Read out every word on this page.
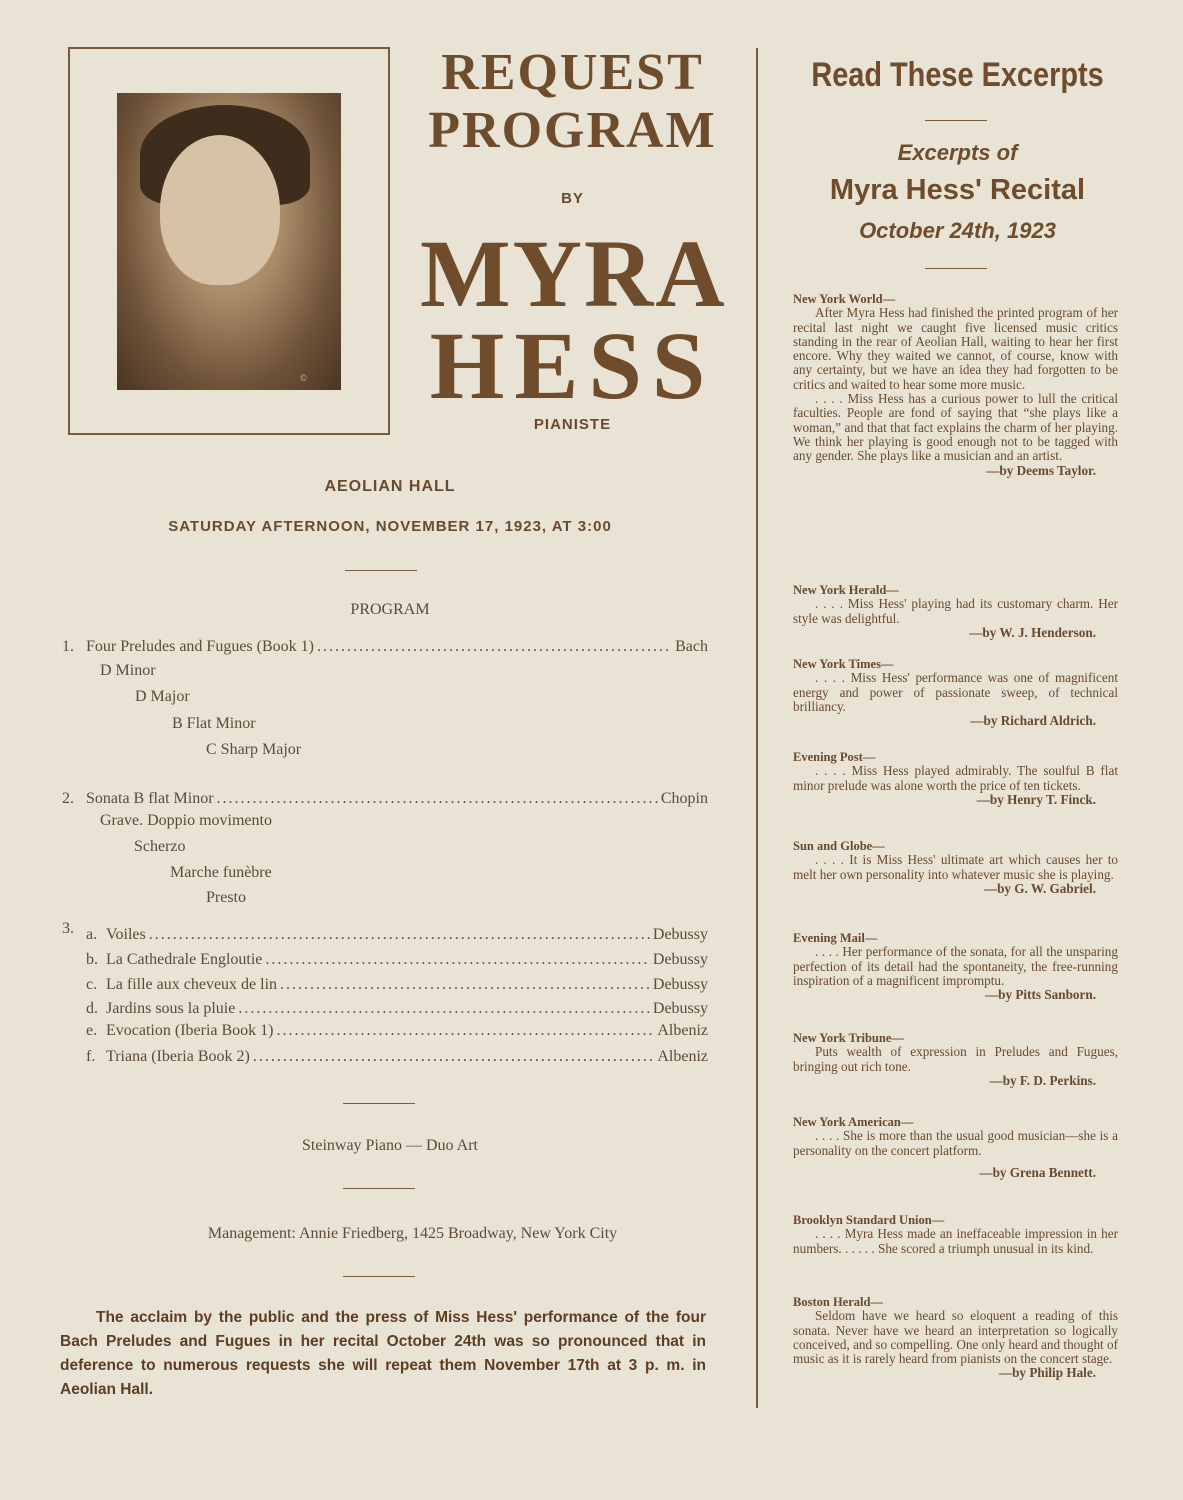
©
REQUEST
PROGRAM
BY
MYRA
HESS
PIANISTE
AEOLIAN HALL
SATURDAY AFTERNOON, NOVEMBER 17, 1923, AT 3:00
PROGRAM
1. Four Preludes and Fugues (Book 1) .....	Bach
D Minor
D Major
B Flat Minor
C Sharp Major
2. Sonata B flat Minor .....	Chopin
Grave. Doppio movimento
Scherzo
Marche funèbre
Presto
3. a. Voiles .....	Debussy
b. La Cathedrale Engloutie .....	Debussy
c. La fille aux cheveux de lin .....	Debussy
d. Jardins sous la pluie .....	Debussy
e. Evocation (Iberia Book 1) .....	Albeniz
f. Triana (Iberia Book 2) .....	Albeniz
Steinway Piano — Duo Art
Management: Annie Friedberg, 1425 Broadway, New York City
The acclaim by the public and the press of Miss Hess' performance of the four Bach Preludes and Fugues in her recital October 24th was so pronounced that in deference to numerous requests she will repeat them November 17th at 3 p. m. in Aeolian Hall.
Read These Excerpts
Excerpts of
Myra Hess' Recital
October 24th, 1923
New York World—

After Myra Hess had finished the printed program of her recital last night we caught five licensed music critics standing in the rear of Aeolian Hall, waiting to hear her first encore. Why they waited we cannot, of course, know with any certainty, but we have an idea they had forgotten to be critics and waited to hear some more music.

. . . . Miss Hess has a curious power to lull the critical faculties. People are fond of saying that “she plays like a woman,” and that that fact explains the charm of her playing. We think her playing is good enough not to be tagged with any gender. She plays like a musician and an artist.

—by Deems Taylor.
New York Herald—

. . . . Miss Hess' playing had its customary charm. Her style was delightful.

—by W. J. Henderson.
New York Times—

. . . . Miss Hess' performance was one of magnificent energy and power of passionate sweep, of technical brilliancy.

—by Richard Aldrich.
Evening Post—

. . . . Miss Hess played admirably. The soulful B flat minor prelude was alone worth the price of ten tickets.

—by Henry T. Finck.
Sun and Globe—

. . . . It is Miss Hess' ultimate art which causes her to melt her own personality into whatever music she is playing.

—by G. W. Gabriel.
Evening Mail—

. . . . Her performance of the sonata, for all the unsparing perfection of its detail had the spontaneity, the free-running inspiration of a magnificent impromptu.

—by Pitts Sanborn.
New York Tribune—

Puts wealth of expression in Preludes and Fugues, bringing out rich tone.

—by F. D. Perkins.
New York American—

. . . . She is more than the usual good musician—she is a personality on the concert platform.

—by Grena Bennett.
Brooklyn Standard Union—

. . . . Myra Hess made an ineffaceable impression in her numbers. . . . . . She scored a triumph unusual in its kind.

Boston Herald—

Seldom have we heard so eloquent a reading of this sonata. Never have we heard an interpretation so logically conceived, and so compelling. One only heard and thought of music as it is rarely heard from pianists on the concert stage.

—by Philip Hale.
